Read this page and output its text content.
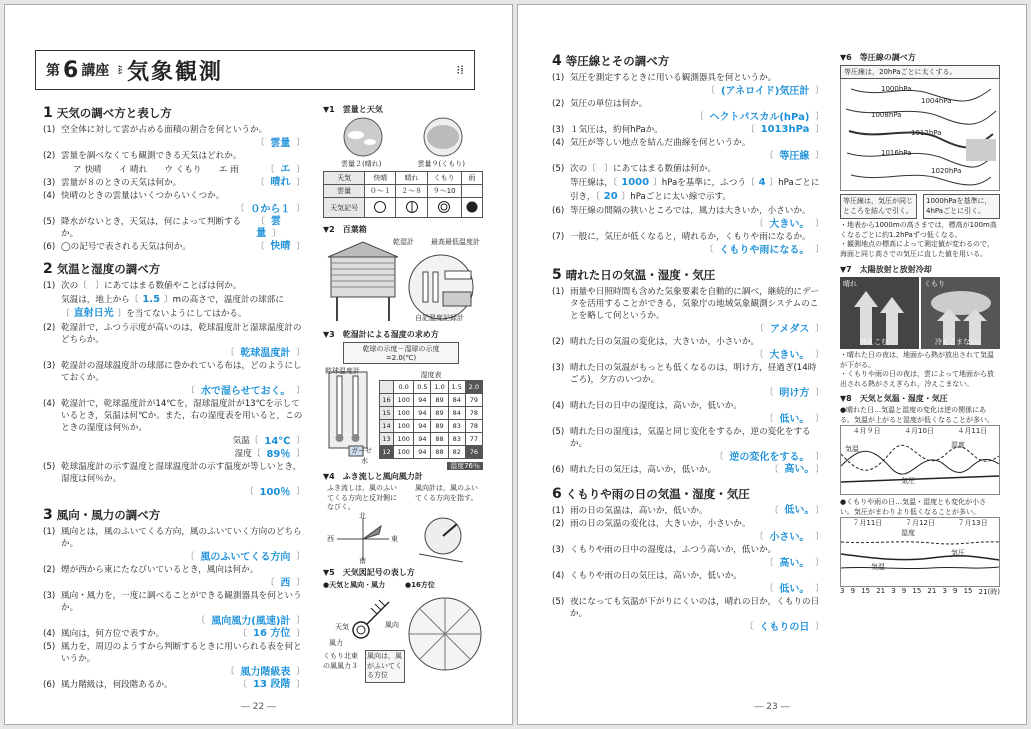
第 6 講座 ⁞⁝ 気象観測	⁝⁞
1 天気の調べ方と表し方
(1) 空全体に対して雲が占める面積の割合を何というか。
〔 雲量 〕
(2) 雲量を調べなくても観測できる天気はどれか。
ア 快晴　　イ 晴れ　　ウ くもり　　エ 雨	〔 エ 〕
(3) 雲量が８のときの天気は何か。	〔 晴れ 〕
(4) 快晴のときの雲量はいくつからいくつか。
〔 ０から１ 〕
(5) 降水がないとき，天気は，何によって判断するか。
〔 雲量 〕
(6) ◯の記号で表される天気は何か。	〔 快晴 〕
2 気温と湿度の調べ方
(1) 次の〔　〕にあてはまる数値やことばは何か。
気温は，地上から〔 1.5 〕mの高さで，温度計の球部に〔 直射日光 〕を当てないようにしてはかる。
(2) 乾湿計で，ふつう示度が高いのは，乾球温度計と湿球温度計のどちらか。
〔 乾球温度計 〕
(3) 乾湿計の湿球温度計の球部に巻かれている布は，どのようにしておくか。
〔 水で湿らせておく。 〕
(4) 乾湿計で，乾球温度計が14℃を，湿球温度計が13℃を示しているとき，気温は何℃か。また，右の湿度表を用いると，このときの湿度は何％か。
気温〔 14℃ 〕
湿度〔 89％ 〕
(5) 乾球温度計の示す温度と湿球温度計の示す温度が等しいとき，湿度は何％か。
〔 100％ 〕
3 風向・風力の調べ方
(1) 風向とは，風のふいてくる方向，風のふいていく方向のどちらか。
〔 風のふいてくる方向 〕
(2) 煙が西から東にたなびいているとき，風向は何か。
〔 西 〕
(3) 風向・風力を，一度に調べることができる観測器具を何というか。
〔 風向風力(風速)計 〕
(4) 風向は，何方位で表すか。	〔 16 方位 〕
(5) 風力を，周辺のようすから判断するときに用いられる表を何というか。
〔 風力階級表 〕
(6) 風力階級は，何段階あるか。	〔 13 段階 〕
▼1　雲量と天気
雲量２(晴れ)	雲量９(くもり)
天気	快晴	晴れ	くもり	雨
雲量	０〜１	２〜８	９〜10	
天気記号				
▼2　百葉箱
乾湿計 最高最低温度計
自記温度記録計
▼3　乾湿計による湿度の求め方
乾球の示度－湿球の示度
=2.0(℃)
乾球温度計
ガーゼ
水
湿度表
	0.0	0.5	1.0	1.5	2.0
16	100	94	89	84	79
15	100	94	89	84	78
14	100	94	89	83	78
13	100	94	88	83	77
12	100	94	88	82	76
湿度76％
▼4　ふき流しと風向風力計
ふき流しは，風のふいてくる方向と反対側になびく。
風向計は，風のふいてくる方向を指す。
北
南
東
西
▼5　天気図記号の表し方
●天気と風向・風力	●16方位
天気	風向
風力
くもり北東の風風力３
風向は，風がふいてくる方位
― 22 ―
4 等圧線とその調べ方
(1) 気圧を測定するときに用いる観測器具を何というか。
〔 (アネロイド)気圧計 〕
(2) 気圧の単位は何か。
〔 ヘクトパスカル(hPa) 〕
(3) １気圧は，約何hPaか。	〔 1013hPa 〕
(4) 気圧が等しい地点を結んだ曲線を何というか。
〔 等圧線 〕
(5) 次の〔　〕にあてはまる数値は何か。
等圧線は，〔 1000 〕hPaを基準に，ふつう〔 4 〕hPaごとに引き，〔 20 〕hPaごとに太い線で示す。
(6) 等圧線の間隔の狭いところでは，風力は大きいか，小さいか。
〔 大きい。 〕
(7) 一般に，気圧が低くなると，晴れるか，くもりや雨になるか。
〔 くもりや雨になる。 〕
5 晴れた日の気温・湿度・気圧
(1) 雨量や日照時間も含めた気象要素を自動的に調べ，継続的にデータを活用することができる，気象庁の地域気象観測システムのことを略して何というか。
〔 アメダス 〕
(2) 晴れた日の気温の変化は，大きいか，小さいか。
〔 大きい。 〕
(3) 晴れた日の気温がもっとも低くなるのは，明け方，昼過ぎ(14時ごろ)，夕方のいつか。
〔 明け方 〕
(4) 晴れた日の日中の湿度は，高いか，低いか。
〔 低い。 〕
(5) 晴れた日の湿度は，気温と同じ変化をするか，逆の変化をするか。
〔 逆の変化をする。 〕
(6) 晴れた日の気圧は，高いか，低いか。	〔 高い。 〕
6 くもりや雨の日の気温・湿度・気圧
(1) 雨の日の気温は，高いか，低いか。	〔 低い。 〕
(2) 雨の日の気温の変化は，大きいか，小さいか。
〔 小さい。 〕
(3) くもりや雨の日中の湿度は，ふつう高いか，低いか。
〔 高い。 〕
(4) くもりや雨の日の気圧は，高いか，低いか。
〔 低い。 〕
(5) 夜になっても気温が下がりにくいのは，晴れの日か，くもりの日か。
〔 くもりの日 〕
▼6　等圧線の調べ方
等圧線は，20hPaごとに太くする。
1000hPa
1004hPa
1008hPa
1012hPa
1016hPa
1020hPa
等圧線は，気圧が同じところを結んで引く。
1000hPaを基準に，4hPaごとに引く。
・地表から1000mの高さまでは，標高が100m高くなるごとに約1.2hPaずつ低くなる。
・観測地点の標高によって測定値が変わるので，海面と同じ高さでの気圧に直した値を用いる。
▼7　太陽放射と放射冷却
晴れ
冷えこむ。
くもり
冷えこまない。
・晴れた日の夜は，地面から熱が放出されて気温が下がる。
・くもりや雨の日の夜は，雲によって地面から放出される熱がさえぎられ，冷えこまない。
▼8　天気と気温・湿度・気圧
●晴れた日…気温と湿度の変化は逆の関係にある。気温が上がると湿度が低くなることが多い。
４月９日	４月10日	４月11日
気温	湿度
気圧
●くもりや雨の日…気温・湿度とも変化が小さい。気圧がまわりより低くなることが多い。
７月11日	７月12日	７月13日
湿度
気圧
気温
3 9 15 21 3 9 15 21 3 9 15 21(時)
― 23 ―
